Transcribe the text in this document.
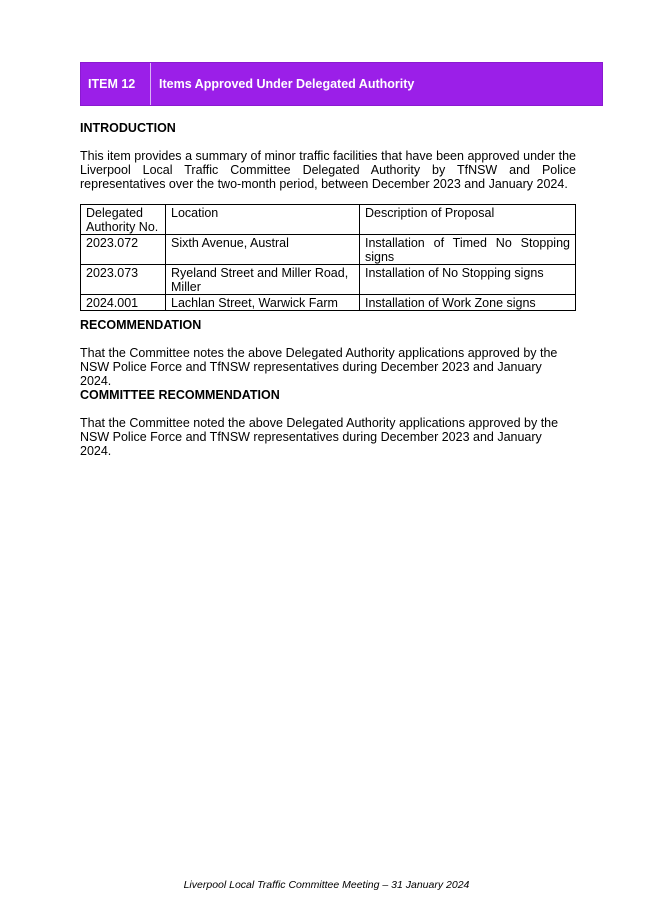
ITEM 12	Items Approved Under Delegated Authority
INTRODUCTION
This item provides a summary of minor traffic facilities that have been approved under the Liverpool Local Traffic Committee Delegated Authority by TfNSW and Police representatives over the two-month period, between December 2023 and January 2024.
Delegated Authority No.	Location	Description of Proposal
2023.072	Sixth Avenue, Austral	Installation of Timed No Stopping signs
2023.073	Ryeland Street and Miller Road, Miller	Installation of No Stopping signs
2024.001	Lachlan Street, Warwick Farm	Installation of Work Zone signs
RECOMMENDATION
That the Committee notes the above Delegated Authority applications approved by the NSW Police Force and TfNSW representatives during December 2023 and January 2024.
COMMITTEE RECOMMENDATION
That the Committee noted the above Delegated Authority applications approved by the NSW Police Force and TfNSW representatives during December 2023 and January 2024.
Liverpool Local Traffic Committee Meeting – 31 January 2024
